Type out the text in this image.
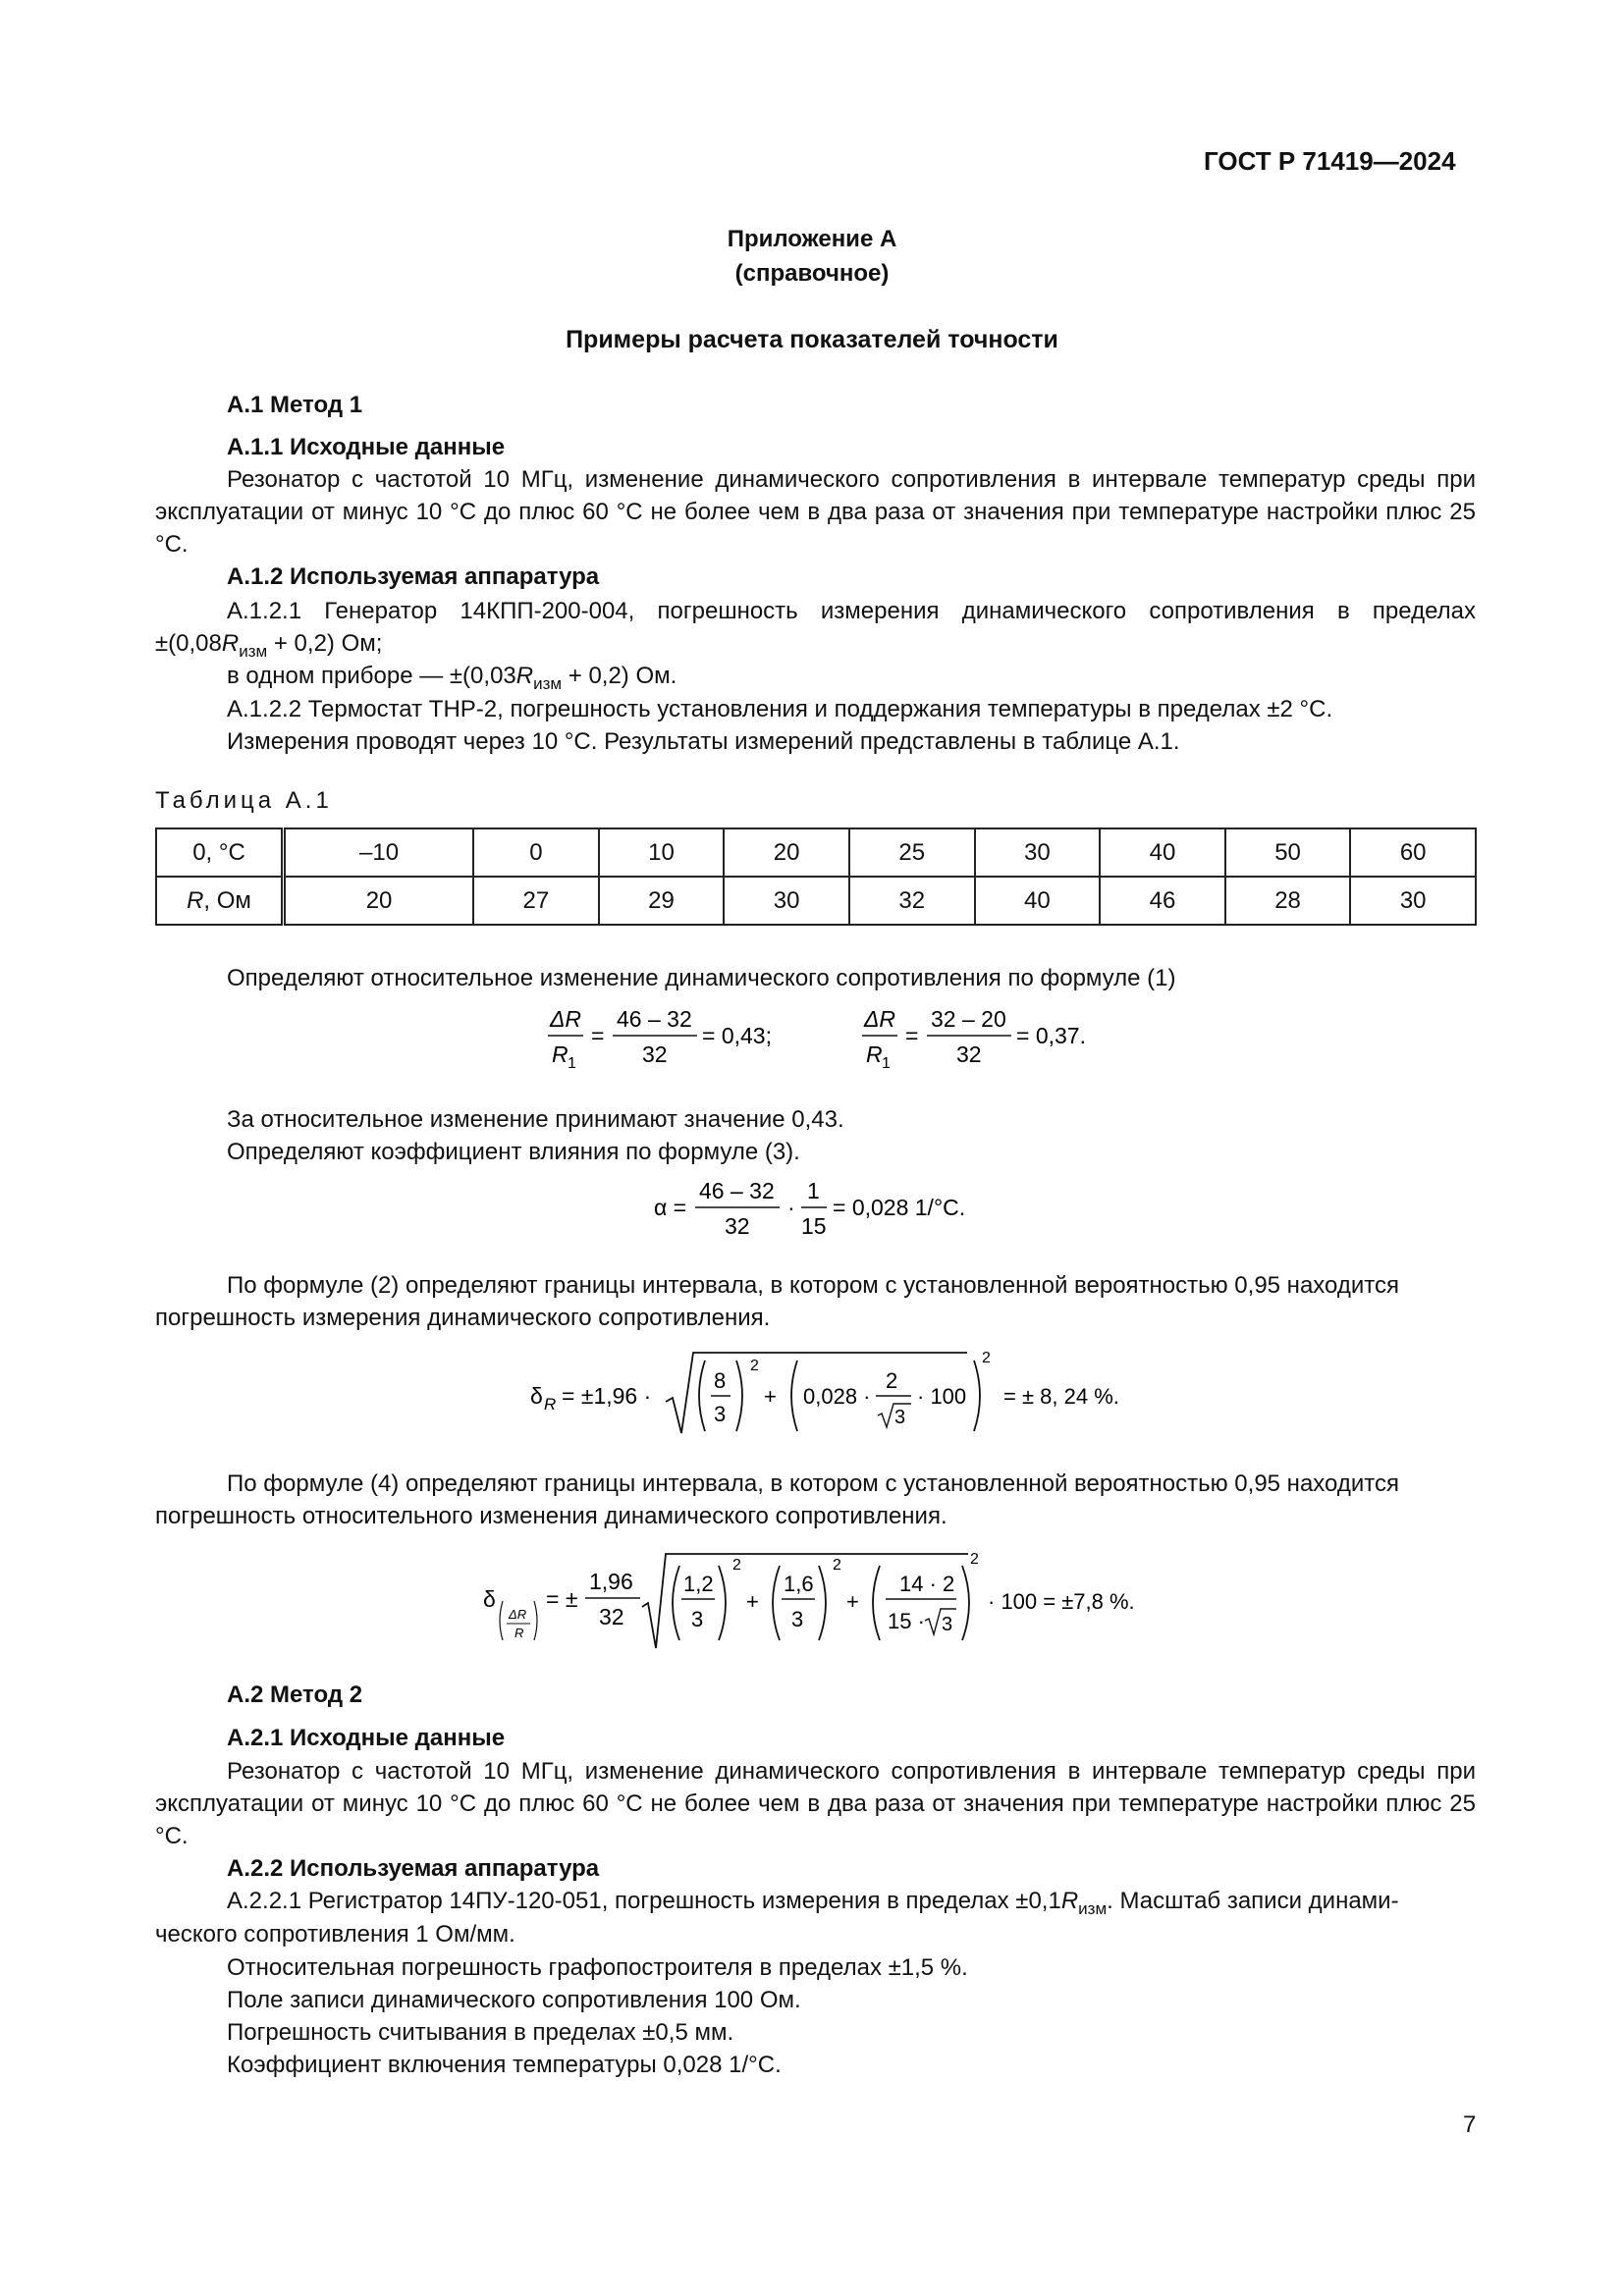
ГОСТ Р 71419—2024
Приложение А
(справочное)
Примеры расчета показателей точности
А.1 Метод 1
А.1.1 Исходные данные
Резонатор с частотой 10 МГц, изменение динамического сопротивления в интервале температур среды при эксплуатации от минус 10 °С до плюс 60 °С не более чем в два раза от значения при температуре настройки плюс 25 °С.
А.1.2 Используемая аппаратура
А.1.2.1 Генератор 14КПП-200-004, погрешность измерения динамического сопротивления в пределах
$\pm(0,08R_{изм} + 0,2)$ Ом;
в одном приборе — $\pm(0,03R_{изм} + 0,2)$ Ом.
А.1.2.2 Термостат ТНР-2, погрешность установления и поддержания температуры в пределах ±2 °С.
Измерения проводят через 10 °С. Результаты измерений представлены в таблице А.1.
Таблица А.1
0, °С	–10	0	10	20	25	30	40	50	60
R, Ом	20	27	29	30	32	40	46	28	30
Определяют относительное изменение динамического сопротивления по формуле (1)
ΔR
R 1
=
46 – 32
32
= 0,43;
ΔR
R 1
=
32 – 20
32
= 0,37.
За относительное изменение принимают значение 0,43.
Определяют коэффициент влияния по формуле (3).
α =
46 – 32
32
·
1
15
= 0,028 1/°С.
По формуле (2) определяют границы интервала, в котором с установленной вероятностью 0,95 находится
погрешность измерения динамического сопротивления.
δ R = ±1,96 ·
8
3
2
+ 0,028 ·
2
3
· 100
2
= ± 8, 24 %.
По формуле (4) определяют границы интервала, в котором с установленной вероятностью 0,95 находится
погрешность относительного изменения динамического сопротивления.
δ
ΔR
R
= ±
1,96
32
1,2
3
2
+
1,6
3
2
+
14 · 2
15 · 3
2
· 100 = ±7,8 %.
А.2 Метод 2
А.2.1 Исходные данные
Резонатор с частотой 10 МГц, изменение динамического сопротивления в интервале температур среды при эксплуатации от минус 10 °С до плюс 60 °С не более чем в два раза от значения при температуре настройки плюс 25 °С.
А.2.2 Используемая аппаратура
А.2.2.1 Регистратор 14ПУ-120-051, погрешность измерения в пределах $\pm 0,1R_{изм}$. Масштаб записи динами-
ческого сопротивления 1 Ом/мм.
Относительная погрешность графопостроителя в пределах ±1,5 %.
Поле записи динамического сопротивления 100 Ом.
Погрешность считывания в пределах ±0,5 мм.
Коэффициент включения температуры 0,028 1/°С.
7
